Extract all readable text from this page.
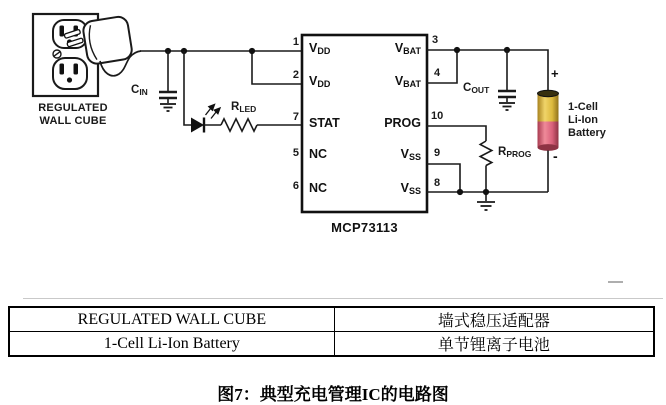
REGULATED
WALL CUBE
$C_{IN}$
$R_{LED}$
$C_{OUT}$
$R_{PROG}$
+
-
1-Cell
Li-Ion
Battery
1
2
7
5
6
3
4
10
9
8
$V_{DD}$
$V_{DD}$
STAT
NC
NC
$V_{BAT}$
$V_{BAT}$
PROG
$V_{SS}$
$V_{SS}$
MCP73113
REGULATED WALL CUBE	墙式稳压适配器
1-Cell Li-Ion Battery	单节锂离子电池
图7：典型充电管理IC的电路图
